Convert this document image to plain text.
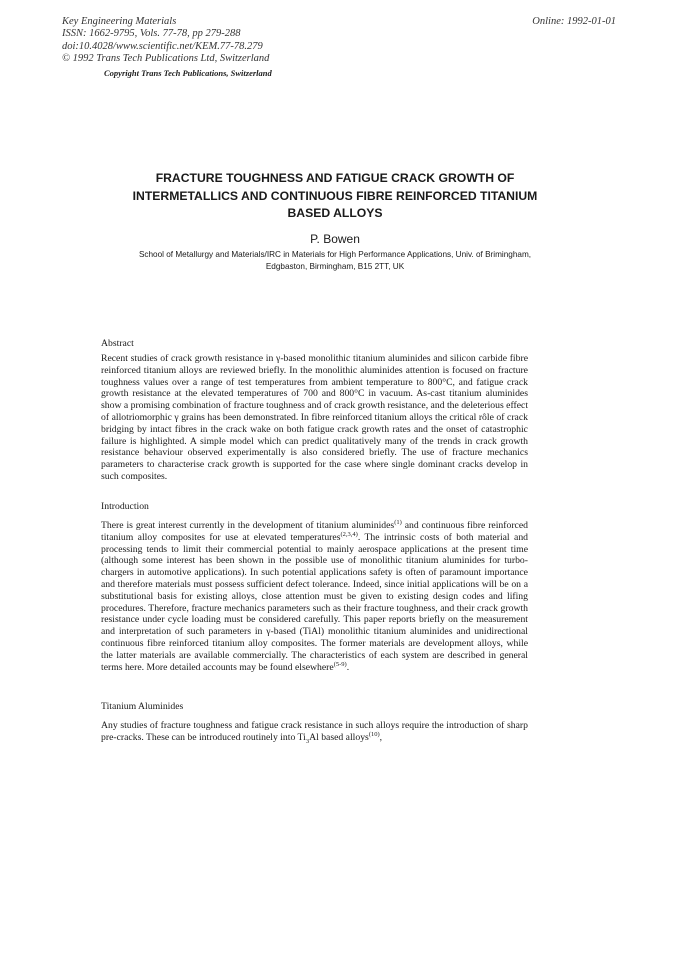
Key Engineering Materials
ISSN: 1662-9795, Vols. 77-78, pp 279-288
doi:10.4028/www.scientific.net/KEM.77-78.279
© 1992 Trans Tech Publications Ltd, Switzerland
Copyright Trans Tech Publications, Switzerland
Online: 1992-01-01
FRACTURE TOUGHNESS AND FATIGUE CRACK GROWTH OF
INTERMETALLICS AND CONTINUOUS FIBRE REINFORCED TITANIUM
BASED ALLOYS
P. Bowen
School of Metallurgy and Materials/IRC in Materials for High Performance Applications, Univ. of Brimingham,
Edgbaston, Birmingham, B15 2TT, UK
Abstract
Recent studies of crack growth resistance in γ-based monolithic titanium aluminides and silicon carbide fibre reinforced titanium alloys are reviewed briefly. In the monolithic aluminides attention is focused on fracture toughness values over a range of test temperatures from ambient temperature to 800°C, and fatigue crack growth resistance at the elevated temperatures of 700 and 800°C in vacuum. As-cast titanium aluminides show a promising combination of fracture toughness and of crack growth resistance, and the deleterious effect of allotriomorphic γ grains has been demonstrated. In fibre reinforced titanium alloys the critical rôle of crack bridging by intact fibres in the crack wake on both fatigue crack growth rates and the onset of catastrophic failure is highlighted. A simple model which can predict qualitatively many of the trends in crack growth resistance behaviour observed experimentally is also considered briefly. The use of fracture mechanics parameters to characterise crack growth is supported for the case where single dominant cracks develop in such composites.
Introduction
There is great interest currently in the development of titanium aluminides$^{(1)}$ and continuous fibre reinforced titanium alloy composites for use at elevated temperatures$^{(2,3,4)}$. The intrinsic costs of both material and processing tends to limit their commercial potential to mainly aerospace applications at the present time (although some interest has been shown in the possible use of monolithic titanium aluminides for turbo-chargers in automotive applications). In such potential applications safety is often of paramount importance and therefore materials must possess sufficient defect tolerance. Indeed, since initial applications will be on a substitutional basis for existing alloys, close attention must be given to existing design codes and lifing procedures. Therefore, fracture mechanics parameters such as their fracture toughness, and their crack growth resistance under cycle loading must be considered carefully. This paper reports briefly on the measurement and interpretation of such parameters in γ-based (TiAl) monolithic titanium aluminides and unidirectional continuous fibre reinforced titanium alloy composites. The former materials are development alloys, while the latter materials are available commercially. The characteristics of each system are described in general terms here. More detailed accounts may be found elsewhere$^{(5-9)}$.
Titanium Aluminides
Any studies of fracture toughness and fatigue crack resistance in such alloys require the introduction of sharp pre-cracks. These can be introduced routinely into $Ti_3Al$ based alloys$^{(10)}$,
